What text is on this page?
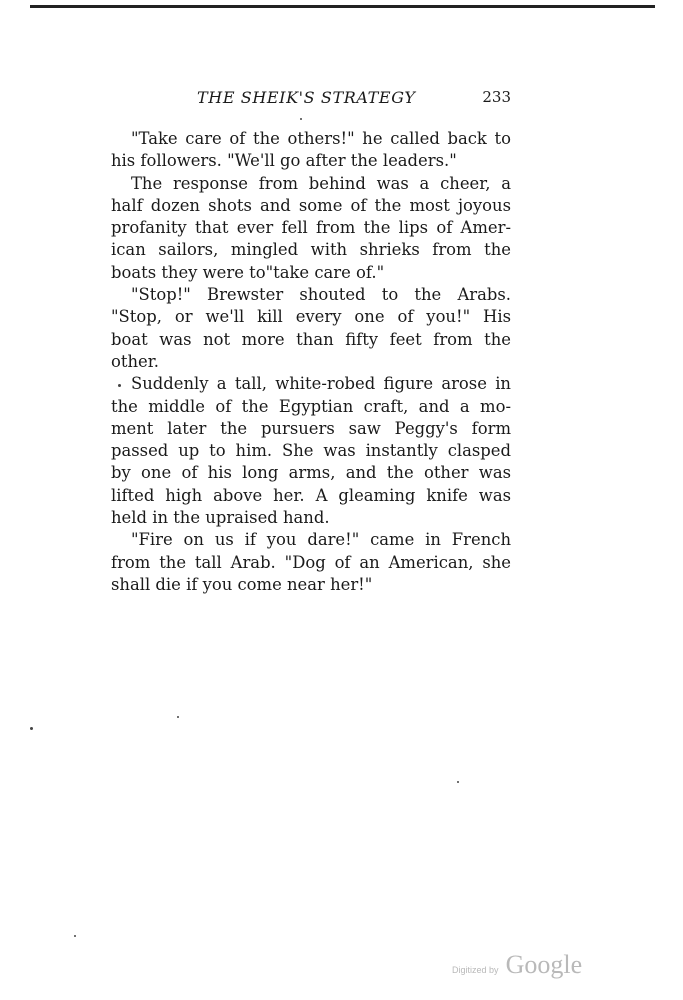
THE SHEIK'S STRATEGY	233
"Take care of the others!" he called back to
his followers. "We'll go after the leaders."
The response from behind was a cheer, a
half dozen shots and some of the most joyous
profanity that ever fell from the lips of Amer-
ican sailors, mingled with shrieks from the
boats they were to"take care of."
"Stop!" Brewster shouted to the Arabs.
"Stop, or we'll kill every one of you!" His
boat was not more than fifty feet from the
other.
Suddenly a tall, white-robed figure arose in
the middle of the Egyptian craft, and a mo-
ment later the pursuers saw Peggy's form
passed up to him. She was instantly clasped
by one of his long arms, and the other was
lifted high above her. A gleaming knife was
held in the upraised hand.
"Fire on us if you dare!" came in French
from the tall Arab. "Dog of an American, she
shall die if you come near her!"
Digitized by Google
